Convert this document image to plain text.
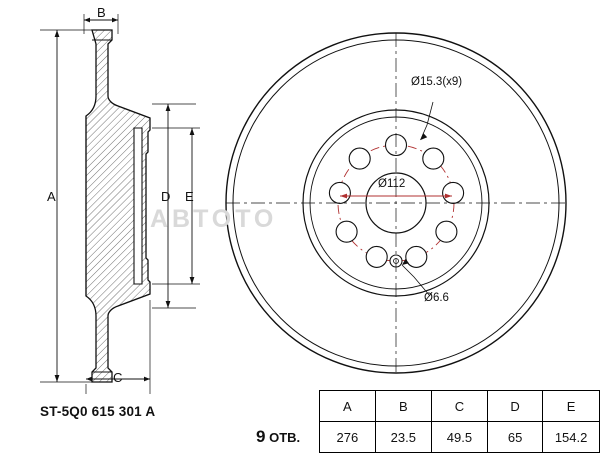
АВТОТО
B
A	D E
C
Ø15.3(x9)
Ø112
Ø6.6
ST-5Q0 615 301 A
		A	B	C	D	E
9 ОТВ.	276	23.5	49.5	65	154.2
